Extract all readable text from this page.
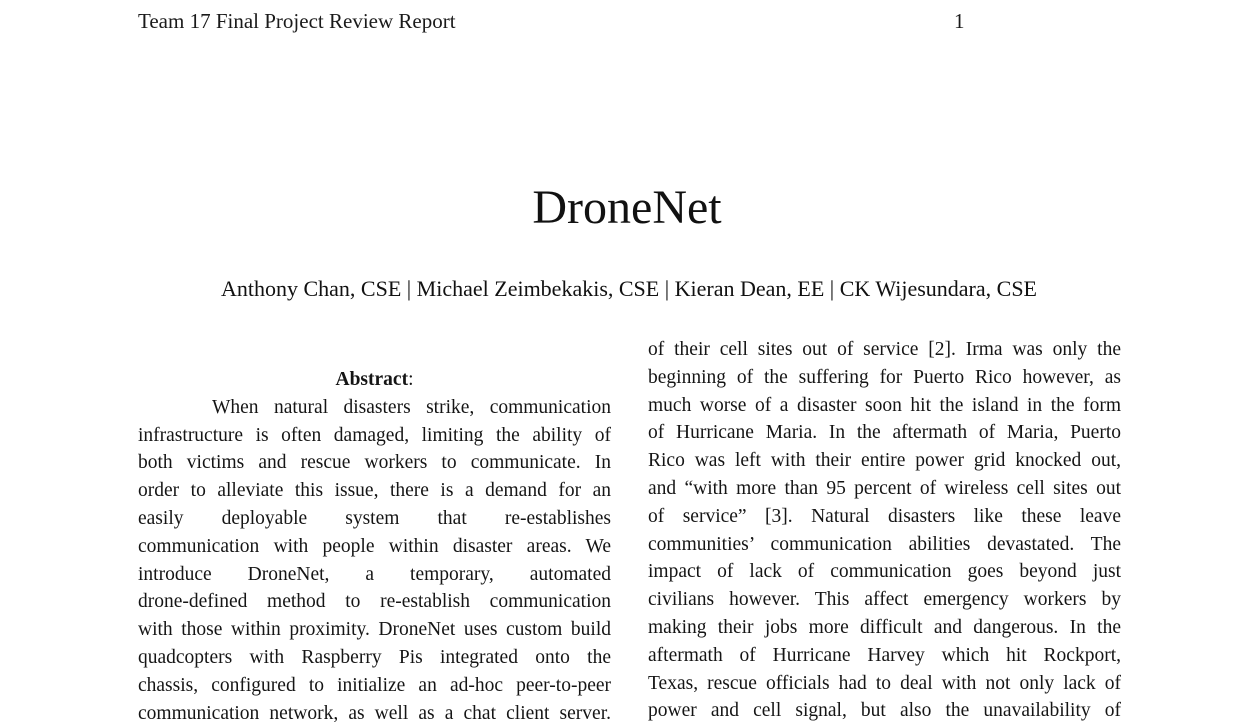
Team 17 Final Project Review Report	1
DroneNet
Anthony Chan, CSE | Michael Zeimbekakis, CSE | Kieran Dean, EE | CK Wijesundara, CSE
Abstract:
When natural disasters strike, communication
infrastructure is often damaged, limiting the ability of
both victims and rescue workers to communicate. In
order to alleviate this issue, there is a demand for an
easily deployable system that re-establishes
communication with people within disaster areas. We
introduce DroneNet, a temporary, automated
drone-defined method to re-establish communication
with those within proximity. DroneNet uses custom build
quadcopters with Raspberry Pis integrated onto the
chassis, configured to initialize an ad-hoc peer-to-peer
communication network, as well as a chat client server.
of their cell sites out of service [2]. Irma was only the
beginning of the suffering for Puerto Rico however, as
much worse of a disaster soon hit the island in the form
of Hurricane Maria. In the aftermath of Maria, Puerto
Rico was left with their entire power grid knocked out,
and “with more than 95 percent of wireless cell sites out
of service” [3]. Natural disasters like these leave
communities’ communication abilities devastated. The
impact of lack of communication goes beyond just
civilians however. This affect emergency workers by
making their jobs more difficult and dangerous. In the
aftermath of Hurricane Harvey which hit Rockport,
Texas, rescue officials had to deal with not only lack of
power and cell signal, but also the unavailability of
